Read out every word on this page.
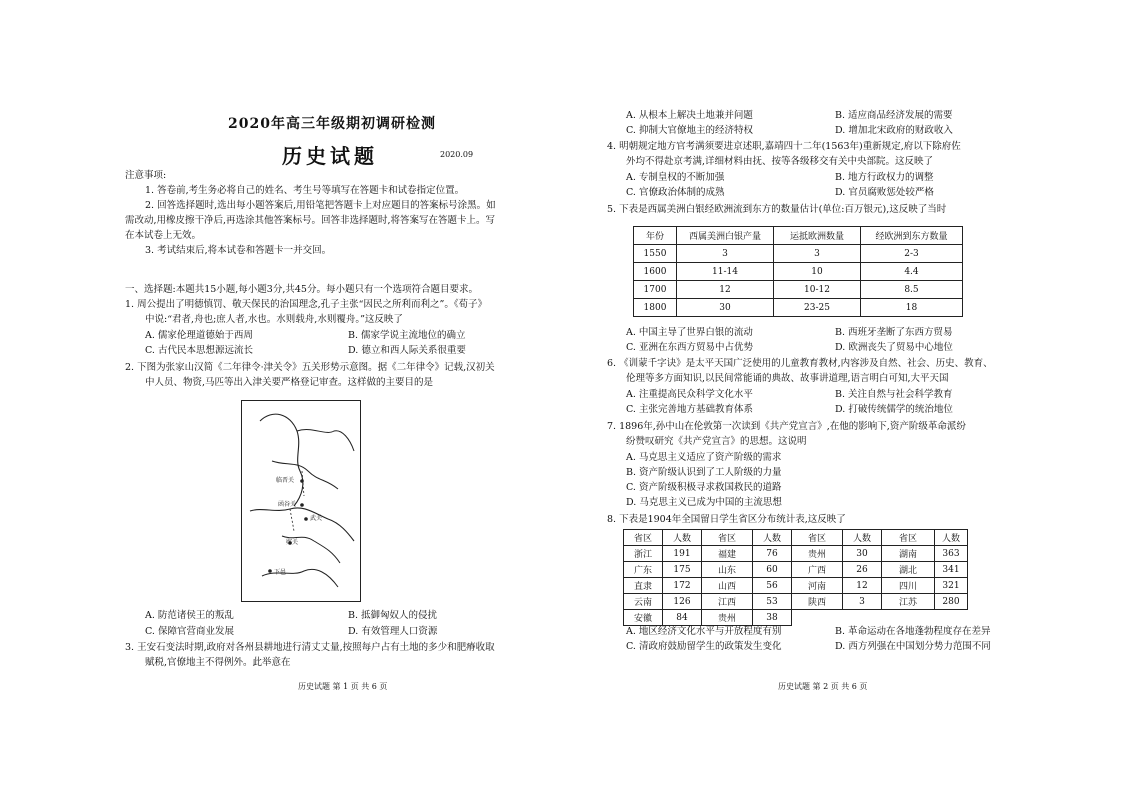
2020年高三年级期初调研检测
历史试题	2020.09
注意事项:
1. 答卷前,考生务必将自己的姓名、考生号等填写在答题卡和试卷指定位置。
2. 回答选择题时,选出每小题答案后,用铅笔把答题卡上对应题目的答案标号涂黑。如
需改动,用橡皮擦干净后,再选涂其他答案标号。回答非选择题时,将答案写在答题卡上。写
在本试卷上无效。
3. 考试结束后,将本试卷和答题卡一并交回。
一、选择题:本题共15小题,每小题3分,共45分。每小题只有一个选项符合题目要求。
1. 周公提出了明德慎罚、敬天保民的治国理念,孔子主张“因民之所利而利之”。《荀子》
中说:“君者,舟也;庶人者,水也。水则载舟,水则覆舟。”这反映了
A. 儒家伦理道德始于西周	B. 儒家学说主流地位的确立
C. 古代民本思想源远流长	D. 德立和西人际关系很重要
2. 下图为张家山汉简《二年律令·津关令》五关形势示意图。据《二年律令》记载,汉初关
中人员、物资,马匹等出入津关要严格登记审查。这样做的主要目的是
临晋关
函谷关
武关
郧关
下邑
A. 防范诸侯王的叛乱	B. 抵御匈奴人的侵扰
C. 保障官营商业发展	D. 有效管理人口资源
3. 王安石变法时期,政府对各州县耕地进行清丈丈量,按照每户占有土地的多少和肥瘠收取
赋税,官僚地主不得例外。此举意在
历史试题 第 1 页 共 6 页
A. 从根本上解决土地兼并问题	B. 适应商品经济发展的需要
C. 抑制大官僚地主的经济特权	D. 增加北宋政府的财政收入
4. 明朝规定地方官考满须要进京述职,嘉靖四十二年(1563年)重新规定,府以下除府佐
外均不得赴京考满,详细材料由抚、按等各级移交有关中央部院。这反映了
A. 专制皇权的不断加强	B. 地方行政权力的调整
C. 官僚政治体制的成熟	D. 官员腐败惩处较严格
5. 下表是西属美洲白银经欧洲流到东方的数量估计(单位:百万银元),这反映了当时
年份	西属美洲白银产量	运抵欧洲数量	经欧洲到东方数量
1550	3	3	2-3
1600	11-14	10	4.4
1700	12	10-12	8.5
1800	30	23-25	18
A. 中国主导了世界白银的流动	B. 西班牙垄断了东西方贸易
C. 亚洲在东西方贸易中占优势	D. 欧洲丧失了贸易中心地位
6. 《训蒙千字诀》是太平天国广泛使用的儿童教育教材,内容涉及自然、社会、历史、教育、
伦理等多方面知识,以民间常能诵的典故、故事讲道理,语言明白可知,大平天国
A. 注重提高民众科学文化水平	B. 关注自然与社会科学教育
C. 主张完善地方基础教育体系	D. 打破传统儒学的统治地位
7. 1896年,孙中山在伦敦第一次读到《共产党宣言》,在他的影响下,资产阶级革命派纷
纷赞叹研究《共产党宣言》的思想。这说明
A. 马克思主义适应了资产阶级的需求
B. 资产阶级认识到了工人阶级的力量
C. 资产阶级积极寻求救国救民的道路
D. 马克思主义已成为中国的主流思想
8. 下表是1904年全国留日学生省区分布统计表,这反映了
省区	人数	省区	人数	省区	人数	省区	人数
浙江	191	福建	76	贵州	30	湖南	363
广东	175	山东	60	广西	26	湖北	341
直隶	172	山西	56	河南	12	四川	321
云南	126	江西	53	陕西	3	江苏	280
安徽	84	贵州	38				
A. 地区经济文化水平与开放程度有别	B. 革命运动在各地蓬勃程度存在差异
C. 清政府鼓励留学生的政策发生变化	D. 西方列强在中国划分势力范围不同
历史试题 第 2 页 共 6 页
